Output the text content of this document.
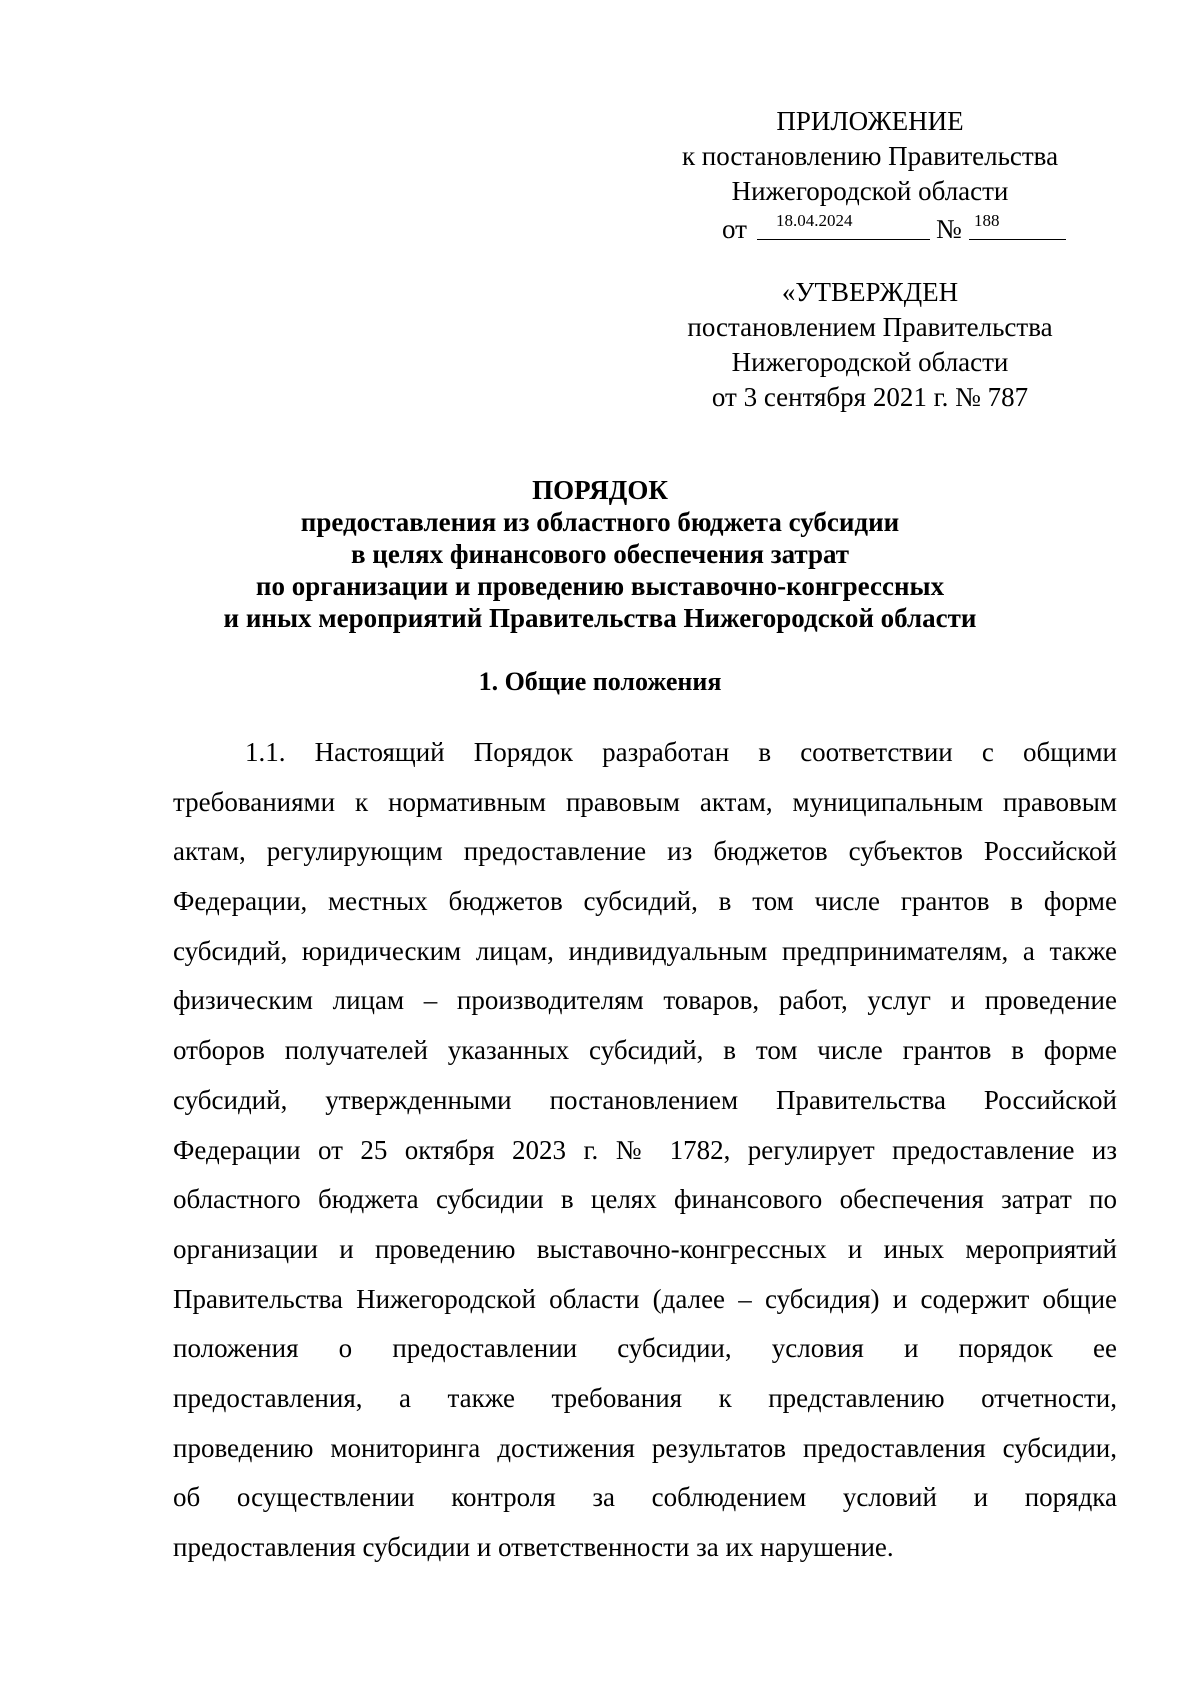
ПРИЛОЖЕНИЕ
к постановлению Правительства
Нижегородской области
от 18.04.2024	№ 188
«УТВЕРЖДЕН
постановлением Правительства
Нижегородской области
от 3 сентября 2021 г. № 787
ПОРЯДОК
предоставления из областного бюджета субсидии
в целях финансового обеспечения затрат
по организации и проведению выставочно-конгрессных
и иных мероприятий Правительства Нижегородской области
1. Общие положения
1.1. Настоящий Порядок разработан в соответствии с общими
требованиями к нормативным правовым актам, муниципальным правовым
актам, регулирующим предоставление из бюджетов субъектов Российской
Федерации, местных бюджетов субсидий, в том числе грантов в форме
субсидий, юридическим лицам, индивидуальным предпринимателям, а также
физическим лицам – производителям товаров, работ, услуг и проведение
отборов получателей указанных субсидий, в том числе грантов в форме
субсидий, утвержденными постановлением Правительства Российской
Федерации от 25 октября 2023 г. № 1782, регулирует предоставление из
областного бюджета субсидии в целях финансового обеспечения затрат по
организации и проведению выставочно-конгрессных и иных мероприятий
Правительства Нижегородской области (далее – субсидия) и содержит общие
положения о предоставлении субсидии, условия и порядок ее
предоставления, а также требования к представлению отчетности,
проведению мониторинга достижения результатов предоставления субсидии,
об осуществлении контроля за соблюдением условий и порядка
предоставления субсидии и ответственности за их нарушение.
